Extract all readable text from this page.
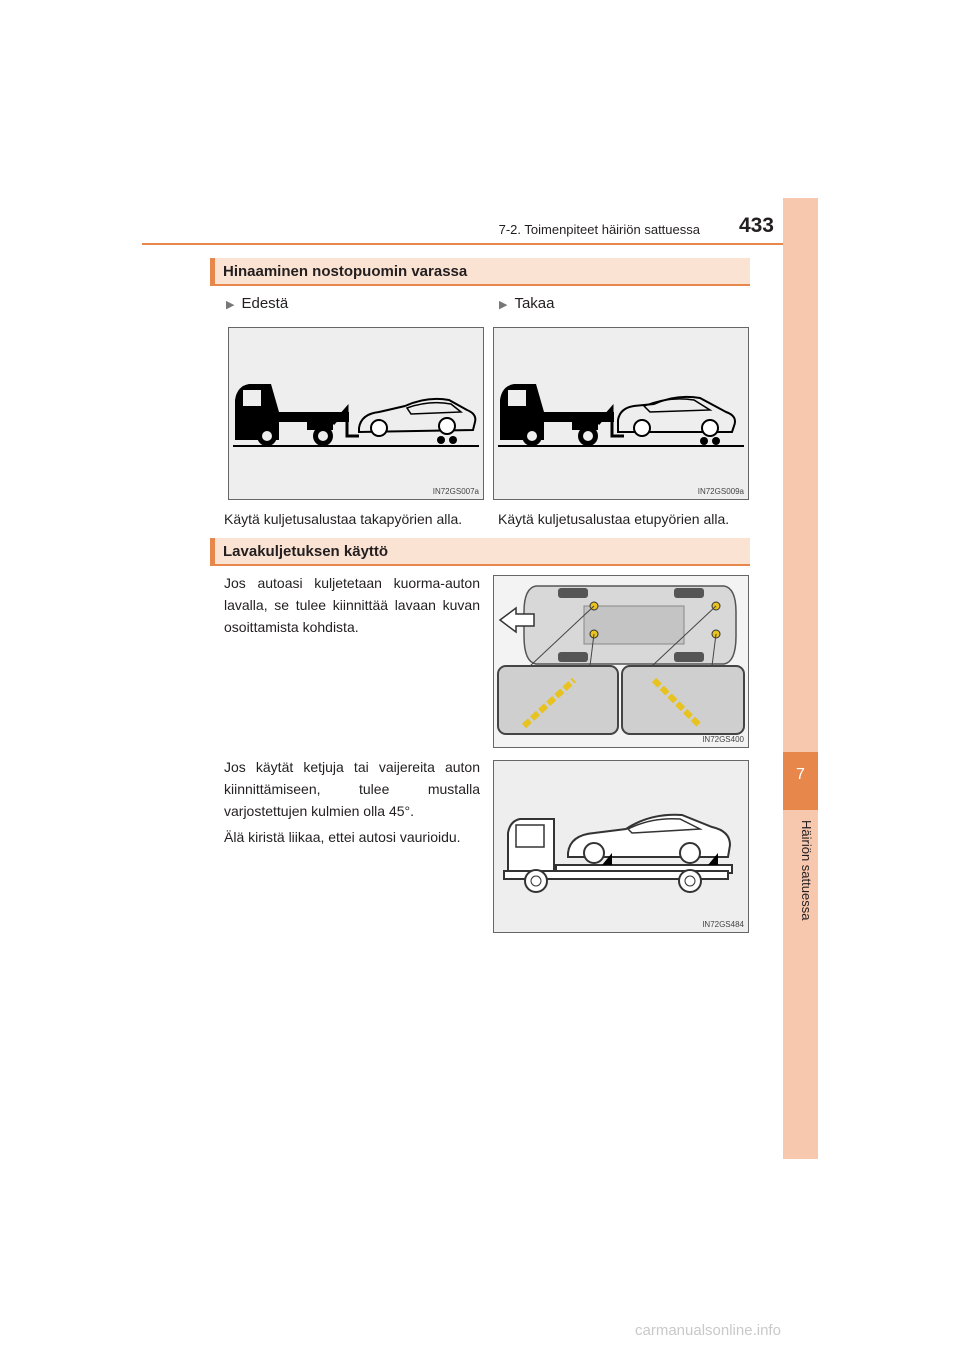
7-2. Toimenpiteet häiriön sattuessa	433
7
Häiriön sattuessa
Hinaaminen nostopuomin varassa
▶ Edestä	▶ Takaa
IN72GS007a	IN72GS009a
Käytä kuljetusalustaa takapyörien alla.	Käytä kuljetusalustaa etupyörien alla.
Lavakuljetuksen käyttö
Jos autoasi kuljetetaan kuorma-auton lavalla, se tulee kiinnittää lavaan kuvan osoittamista kohdista.
IN72GS400
Jos käytät ketjuja tai vaijereita auton kiinnittämiseen, tulee mustalla varjostettujen kulmien olla 45°.
Älä kiristä liikaa, ettei autosi vaurioidu.
IN72GS484
carmanualsonline.info
